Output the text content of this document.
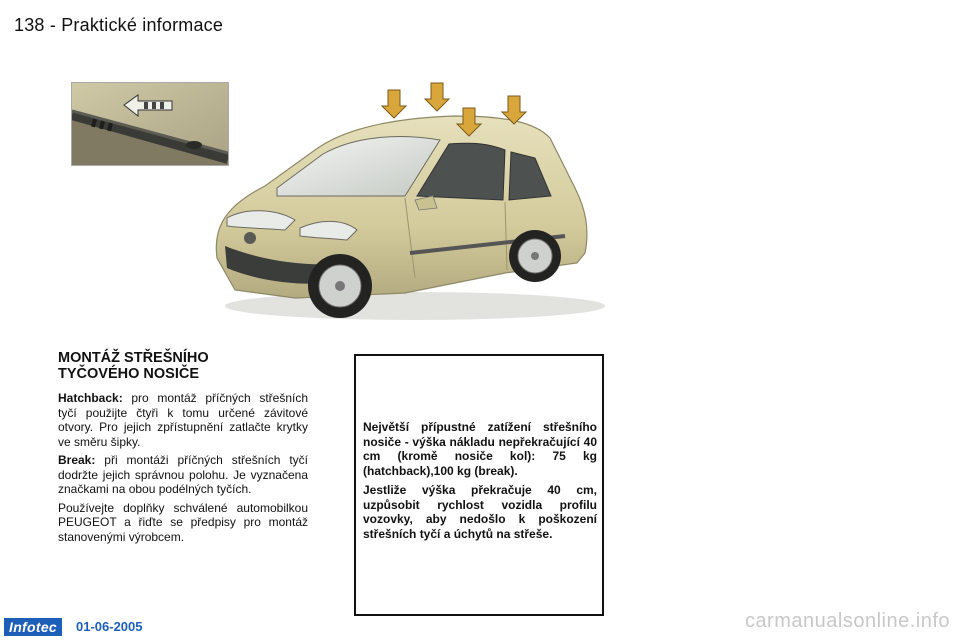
138 - Praktické informace
MONTÁŽ STŘEŠNÍHO
TYČOVÉHO NOSIČE

Hatchback: pro montáž příčných střešních tyčí použijte čtyři k tomu určené závitové otvory. Pro jejich zpřístupnění zatlačte krytky ve směru šipky.

Break: při montáži příčných střešních tyčí dodržte jejich správnou polohu. Je vyznačena značkami na obou podélných tyčích.

Používejte doplňky schválené automobilkou PEUGEOT a řiďte se předpisy pro montáž stanovenými výrobcem.

Největší přípustné zatížení střešního nosiče - výška nákladu nepřekračující 40 cm (kromě nosiče kol): 75 kg (hatchback),100 kg (break).

Jestliže výška překračuje 40 cm, uzpůsobit rychlost vozidla profilu vozovky, aby nedošlo k poškození střešních tyčí a úchytů na střeše.

Infotec	01-06-2005	carmanualsonline.info
